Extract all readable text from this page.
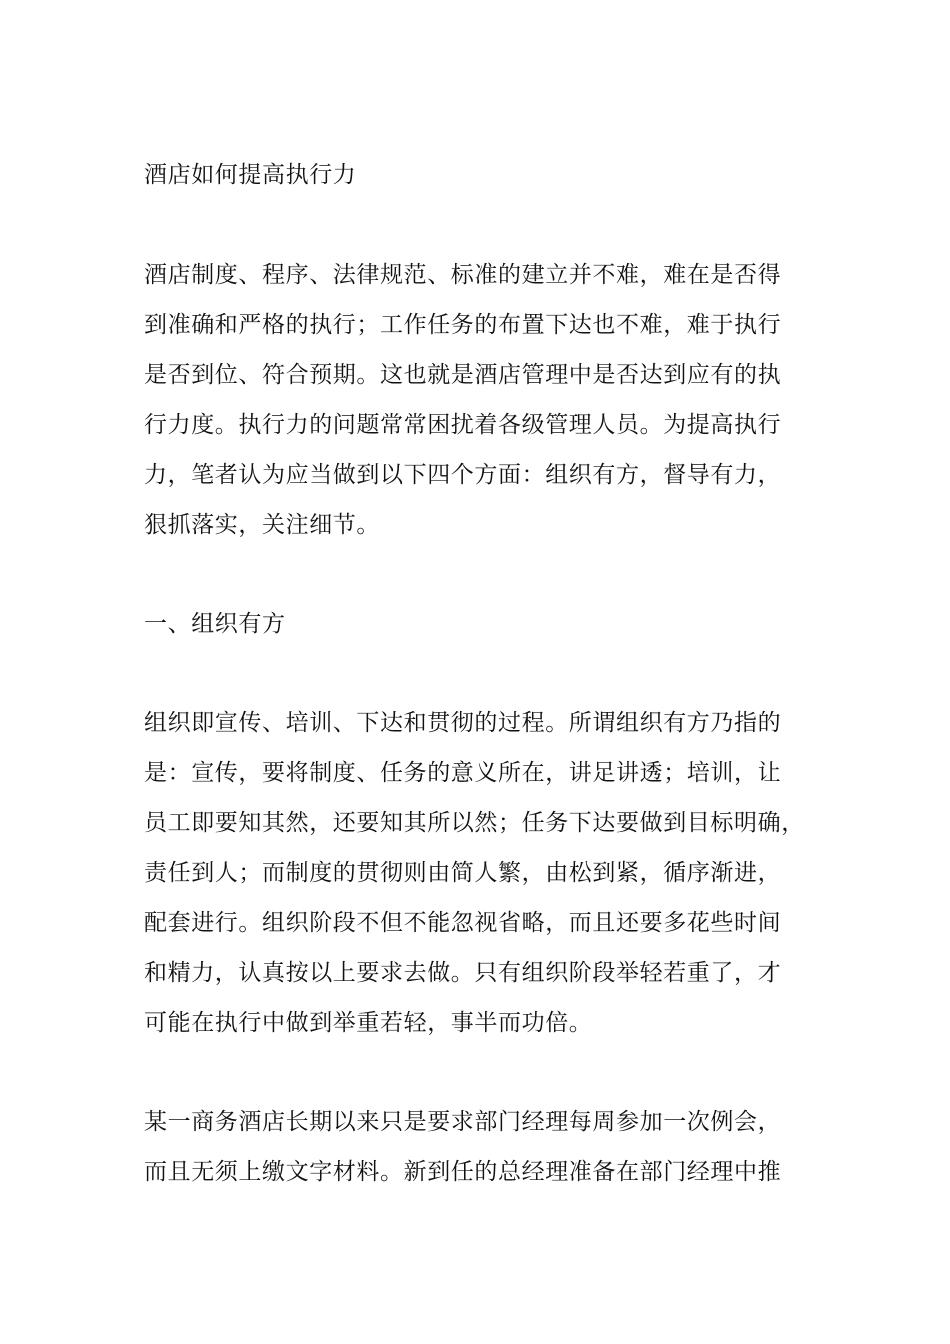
酒店如何提高执行力
酒店制度、程序、法律规范、标准的建立并不难，难在是否得
到准确和严格的执行；工作任务的布置下达也不难，难于执行
是否到位、符合预期。这也就是酒店管理中是否达到应有的执
行力度。执行力的问题常常困扰着各级管理人员。为提高执行
力，笔者认为应当做到以下四个方面：组织有方，督导有力，
狠抓落实，关注细节。
一、组织有方
组织即宣传、培训、下达和贯彻的过程。所谓组织有方乃指的
是：宣传，要将制度、任务的意义所在，讲足讲透；培训，让
员工即要知其然，还要知其所以然；任务下达要做到目标明确，
责任到人；而制度的贯彻则由简人繁，由松到紧，循序渐进，
配套进行。组织阶段不但不能忽视省略，而且还要多花些时间
和精力，认真按以上要求去做。只有组织阶段举轻若重了，才
可能在执行中做到举重若轻，事半而功倍。
某一商务酒店长期以来只是要求部门经理每周参加一次例会，
而且无须上缴文字材料。新到任的总经理准备在部门经理中推
